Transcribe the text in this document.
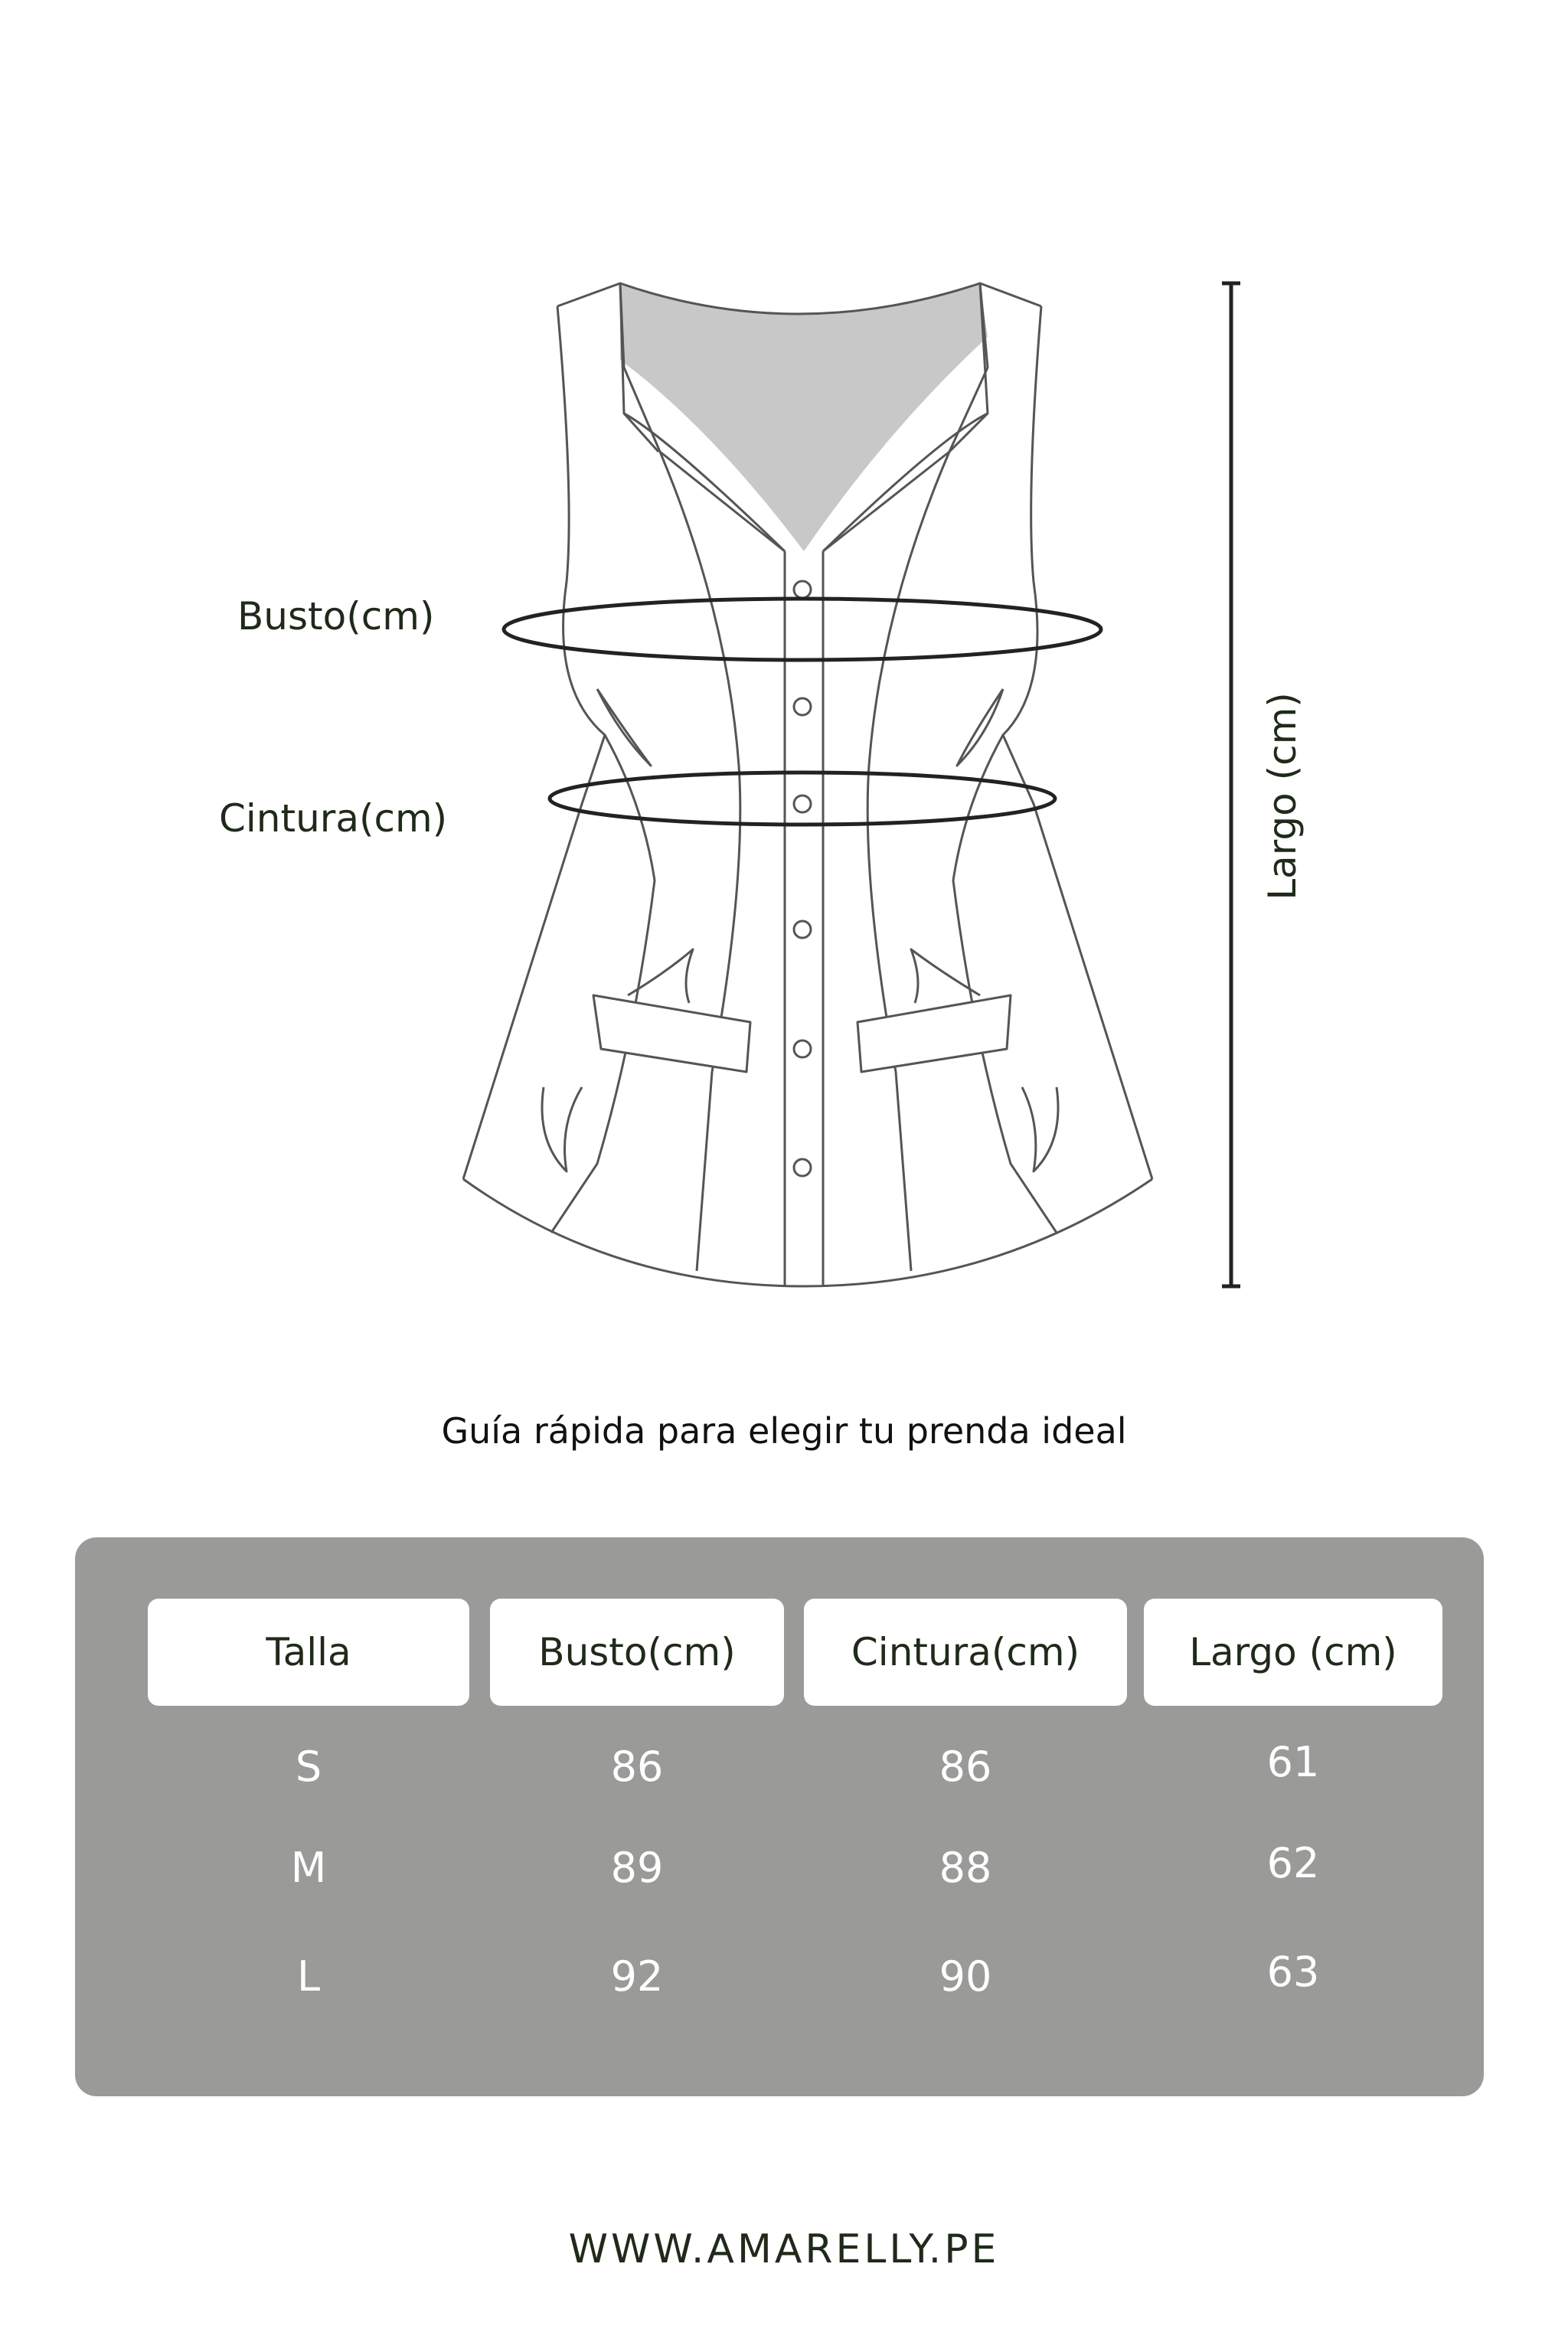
Busto(cm)
Cintura(cm)	Largo (cm)
Guía rápida para elegir tu prenda ideal
Talla	Busto(cm)	Cintura(cm)	Largo (cm)
S	86	86	61
M	89	88	62
L	92	90	63
WWW.AMARELLY.PE
